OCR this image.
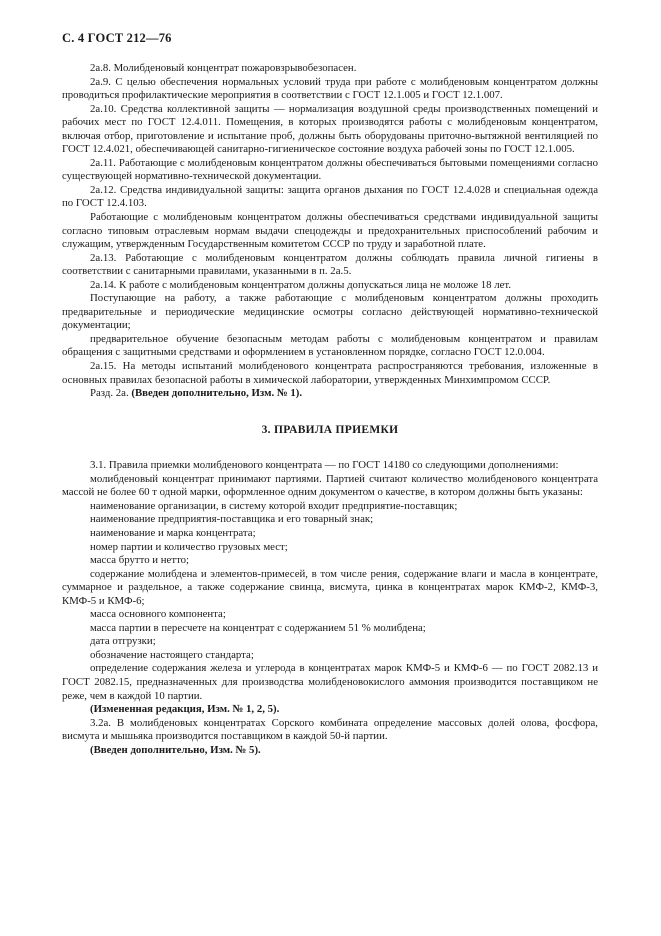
С. 4 ГОСТ 212—76

2а.8. Молибденовый концентрат пожаровзрывобезопасен.

2а.9. С целью обеспечения нормальных условий труда при работе с молибденовым концентратом должны проводиться профилактические мероприятия в соответствии с ГОСТ 12.1.005 и ГОСТ 12.1.007.

2а.10. Средства коллективной защиты — нормализация воздушной среды производственных помещений и рабочих мест по ГОСТ 12.4.011. Помещения, в которых производятся работы с молибденовым концентратом, включая отбор, приготовление и испытание проб, должны быть оборудованы приточно-вытяжной вентиляцией по ГОСТ 12.4.021, обеспечивающей санитарно-гигиеническое состояние воздуха рабочей зоны по ГОСТ 12.1.005.

2а.11. Работающие с молибденовым концентратом должны обеспечиваться бытовыми помещениями согласно существующей нормативно-технической документации.

2а.12. Средства индивидуальной защиты: защита органов дыхания по ГОСТ 12.4.028 и специальная одежда по ГОСТ 12.4.103.

Работающие с молибденовым концентратом должны обеспечиваться средствами индивидуальной защиты согласно типовым отраслевым нормам выдачи спецодежды и предохранительных приспособлений рабочим и служащим, утвержденным Государственным комитетом СССР по труду и заработной плате.

2а.13. Работающие с молибденовым концентратом должны соблюдать правила личной гигиены в соответствии с санитарными правилами, указанными в п. 2а.5.

2а.14. К работе с молибденовым концентратом должны допускаться лица не моложе 18 лет.

Поступающие на работу, а также работающие с молибденовым концентратом должны проходить предварительные и периодические медицинские осмотры согласно действующей нормативно-технической документации;

предварительное обучение безопасным методам работы с молибденовым концентратом и правилам обращения с защитными средствами и оформлением в установленном порядке, согласно ГОСТ 12.0.004.

2а.15. На методы испытаний молибденового концентрата распространяются требования, изложенные в основных правилах безопасной работы в химической лаборатории, утвержденных Минхимпромом СССР.

Разд. 2а. (Введен дополнительно, Изм. № 1).

3. ПРАВИЛА ПРИЕМКИ

3.1. Правила приемки молибденового концентрата — по ГОСТ 14180 со следующими дополнениями:

молибденовый концентрат принимают партиями. Партией считают количество молибденового концентрата массой не более 60 т одной марки, оформленное одним документом о качестве, в котором должны быть указаны:

наименование организации, в систему которой входит предприятие-поставщик;

наименование предприятия-поставщика и его товарный знак;

наименование и марка концентрата;

номер партии и количество грузовых мест;

масса брутто и нетто;

содержание молибдена и элементов-примесей, в том числе рения, содержание влаги и масла в концентрате, суммарное и раздельное, а также содержание свинца, висмута, цинка в концентратах марок КМФ-2, КМФ-3, КМФ-5 и КМФ-6;

масса основного компонента;

масса партии в пересчете на концентрат с содержанием 51 % молибдена;

дата отгрузки;

обозначение настоящего стандарта;

определение содержания железа и углерода в концентратах марок КМФ-5 и КМФ-6 — по ГОСТ 2082.13 и ГОСТ 2082.15, предназначенных для производства молибденовокислого аммония производится поставщиком не реже, чем в каждой 10 партии.

(Измененная редакция, Изм. № 1, 2, 5).

3.2а. В молибденовых концентратах Сорского комбината определение массовых долей олова, фосфора, висмута и мышьяка производится поставщиком в каждой 50-й партии.

(Введен дополнительно, Изм. № 5).
